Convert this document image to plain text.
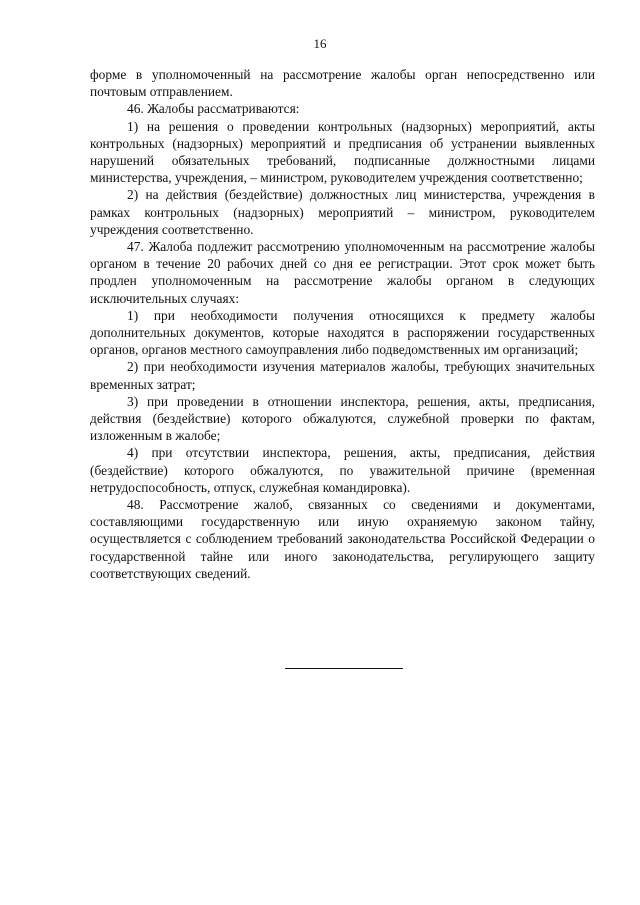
16

форме в уполномоченный на рассмотрение жалобы орган непосредственно или почтовым отправлением.

46. Жалобы рассматриваются:

1) на решения о проведении контрольных (надзорных) мероприятий, акты контрольных (надзорных) мероприятий и предписания об устранении выявленных нарушений обязательных требований, подписанные должностными лицами министерства, учреждения, – министром, руководителем учреждения соответственно;

2) на действия (бездействие) должностных лиц министерства, учреждения в рамках контрольных (надзорных) мероприятий – министром, руководителем учреждения соответственно.

47. Жалоба подлежит рассмотрению уполномоченным на рассмотрение жалобы органом в течение 20 рабочих дней со дня ее регистрации. Этот срок может быть продлен уполномоченным на рассмотрение жалобы органом в следующих исключительных случаях:

1) при необходимости получения относящихся к предмету жалобы дополнительных документов, которые находятся в распоряжении государственных органов, органов местного самоуправления либо подведомственных им организаций;

2) при необходимости изучения материалов жалобы, требующих значительных временных затрат;

3) при проведении в отношении инспектора, решения, акты, предписания, действия (бездействие) которого обжалуются, служебной проверки по фактам, изложенным в жалобе;

4) при отсутствии инспектора, решения, акты, предписания, действия (бездействие) которого обжалуются, по уважительной причине (временная нетрудоспособность, отпуск, служебная командировка).

48. Рассмотрение жалоб, связанных со сведениями и документами, составляющими государственную или иную охраняемую законом тайну, осуществляется с соблюдением требований законодательства Российской Федерации о государственной тайне или иного законодательства, регулирующего защиту соответствующих сведений.
